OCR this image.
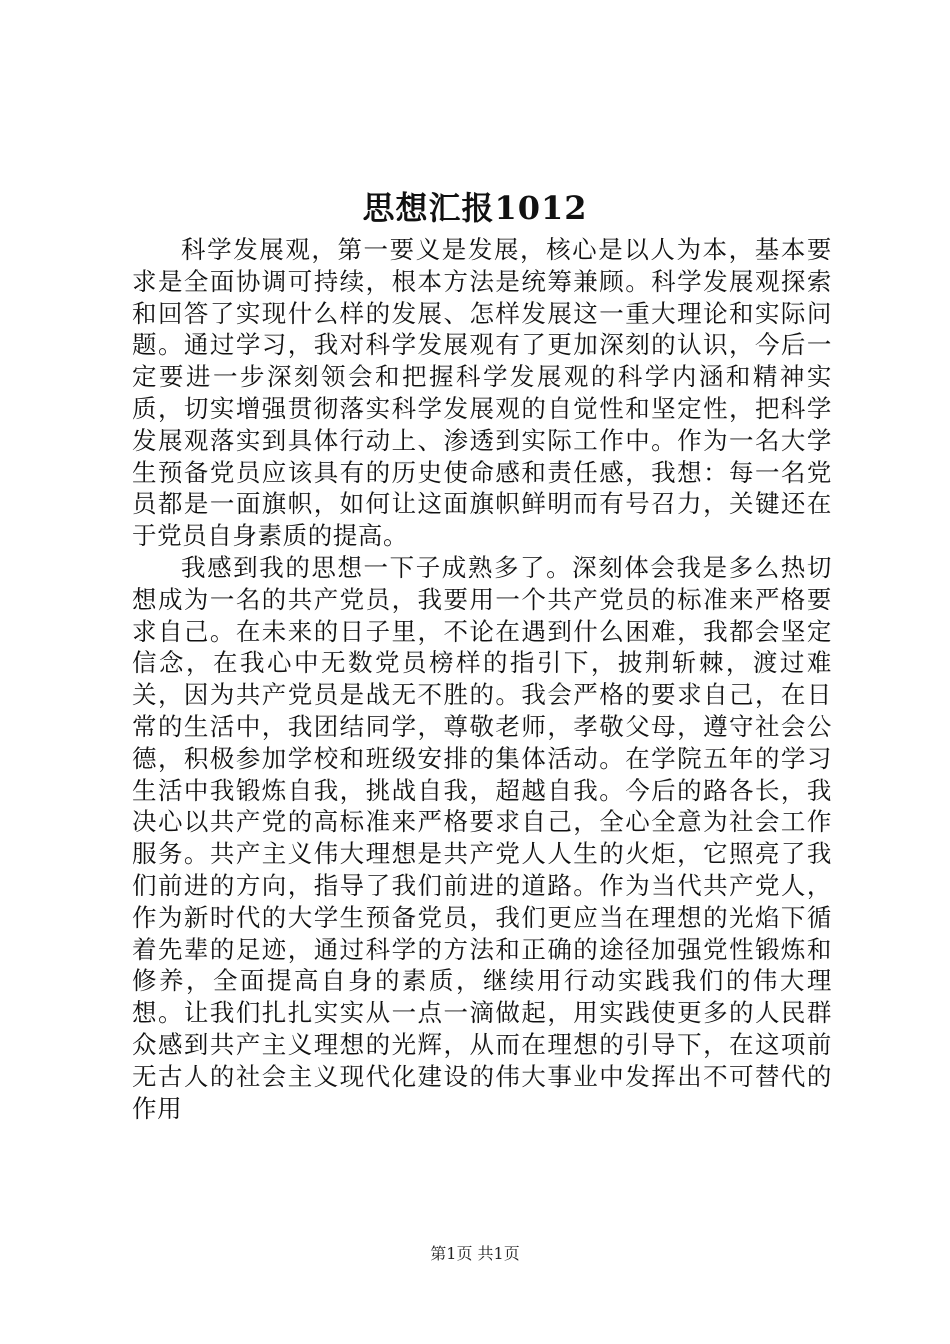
思想汇报1012

科学发展观，第一要义是发展，核心是以人为本，基本要求是全面协调可持续，根本方法是统筹兼顾。科学发展观探索和回答了实现什么样的发展、怎样发展这一重大理论和实际问题。通过学习，我对科学发展观有了更加深刻的认识，今后一定要进一步深刻领会和把握科学发展观的科学内涵和精神实质，切实增强贯彻落实科学发展观的自觉性和坚定性，把科学发展观落实到具体行动上、渗透到实际工作中。作为一名大学生预备党员应该具有的历史使命感和责任感，我想：每一名党员都是一面旗帜，如何让这面旗帜鲜明而有号召力，关键还在于党员自身素质的提高。

我感到我的思想一下子成熟多了。深刻体会我是多么热切想成为一名的共产党员，我要用一个共产党员的标准来严格要求自己。在未来的日子里，不论在遇到什么困难，我都会坚定信念，在我心中无数党员榜样的指引下，披荆斩棘，渡过难关，因为共产党员是战无不胜的。我会严格的要求自己，在日常的生活中，我团结同学，尊敬老师，孝敬父母，遵守社会公德，积极参加学校和班级安排的集体活动。在学院五年的学习生活中我锻炼自我，挑战自我，超越自我。今后的路各长，我决心以共产党的高标准来严格要求自己，全心全意为社会工作服务。共产主义伟大理想是共产党人人生的火炬，它照亮了我们前进的方向，指导了我们前进的道路。作为当代共产党人，作为新时代的大学生预备党员，我们更应当在理想的光焰下循着先辈的足迹，通过科学的方法和正确的途径加强党性锻炼和修养，全面提高自身的素质，继续用行动实践我们的伟大理想。让我们扎扎实实从一点一滴做起，用实践使更多的人民群众感到共产主义理想的光辉，从而在理想的引导下，在这项前无古人的社会主义现代化建设的伟大事业中发挥出不可替代的作用

第1页 共1页
